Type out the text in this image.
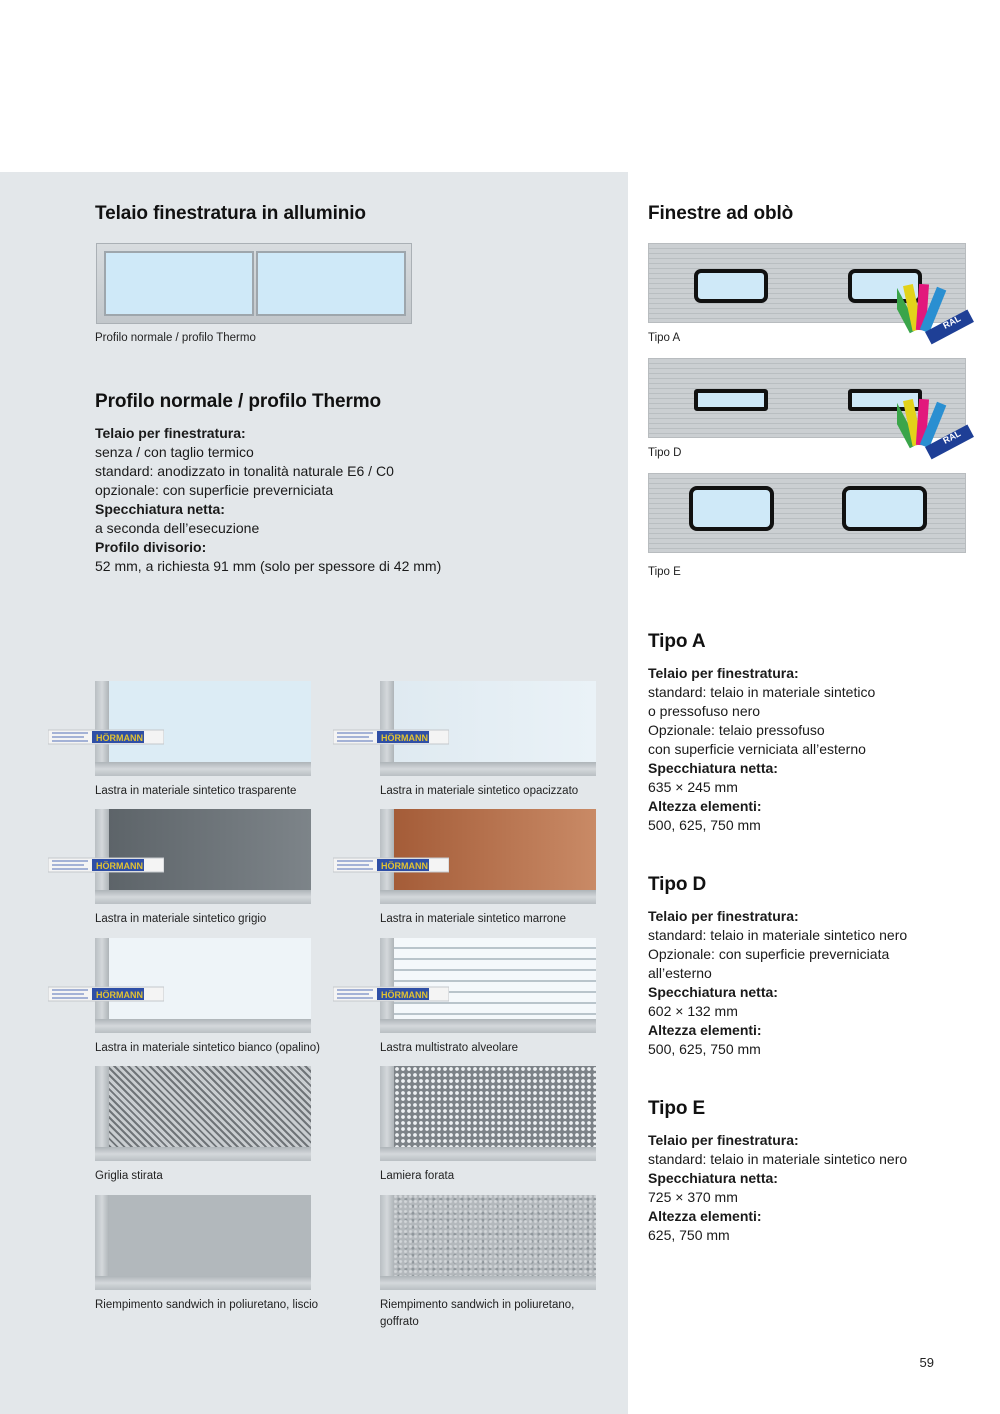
Telaio finestratura in alluminio

Profilo normale / profilo Thermo

Profilo normale / profilo Thermo
Telaio per finestratura:
senza / con taglio termico
standard: anodizzato in tonalità naturale E6 / C0
opzionale: con superficie preverniciata
Specchiatura netta:
a seconda dell’esecuzione
Profilo divisorio:
52 mm, a richiesta 91 mm (solo per spessore di 42 mm)
HÖRMANN

Lastra in materiale sintetico trasparente

HÖRMANN

Lastra in materiale sintetico opacizzato

HÖRMANN

Lastra in materiale sintetico grigio

HÖRMANN

Lastra in materiale sintetico marrone

HÖRMANN

Lastra in materiale sintetico bianco (opalino)

HÖRMANN

Lastra multistrato alveolare

Griglia stirata	Lamiera forata

Riempimento sandwich in poliuretano, liscio	Riempimento sandwich in poliuretano,
goffrato

Finestre ad oblò
RAL

Tipo A

RAL

Tipo D

Tipo E

Tipo A
Telaio per finestratura:
standard: telaio in materiale sintetico
o pressofuso nero
Opzionale: telaio pressofuso
con superficie verniciata all’esterno
Specchiatura netta:
635 × 245 mm
Altezza elementi:
500, 625, 750 mm
Tipo D
Telaio per finestratura:
standard: telaio in materiale sintetico nero
Opzionale: con superficie preverniciata
all’esterno
Specchiatura netta:
602 × 132 mm
Altezza elementi:
500, 625, 750 mm
Tipo E
Telaio per finestratura:
standard: telaio in materiale sintetico nero
Specchiatura netta:
725 × 370 mm
Altezza elementi:
625, 750 mm
59
